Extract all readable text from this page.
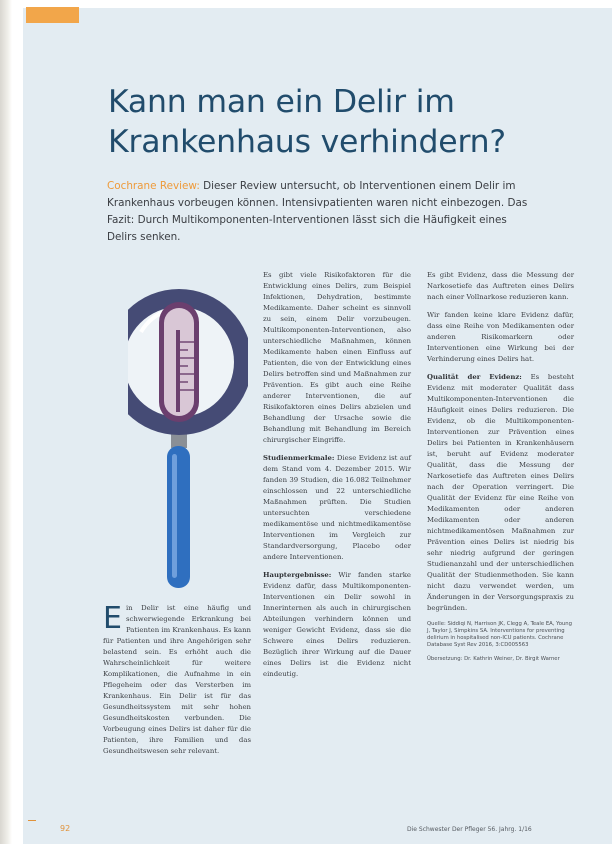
Kann man ein Delir im Krankenhaus verhindern?

Cochrane Review: Dieser Review untersucht, ob Interventionen einem Delir im Krankenhaus vorbeugen können. Intensivpatienten waren nicht einbezogen. Das Fazit: Durch Multikomponenten-Interventionen lässt sich die Häufigkeit eines Delirs senken.

Ein Delir ist eine häufig und schwerwiegende Erkrankung bei Patienten im Krankenhaus. Es kann für Patienten und ihre Angehörigen sehr belastend sein. Es erhöht auch die Wahrscheinlichkeit für weitere Komplikationen, die Aufnahme in ein Pflegeheim oder das Versterben im Krankenhaus. Ein Delir ist für das Gesundheitssystem mit sehr hohen Gesundheitskosten verbunden. Die Vorbeugung eines Delirs ist daher für die Patienten, ihre Familien und das Gesundheitswesen sehr relevant.

Es gibt viele Risikofaktoren für die Entwicklung eines Delirs, zum Beispiel Infektionen, Dehydration, bestimmte Medikamente. Daher scheint es sinnvoll zu sein, einem Delir vorzubeugen. Multikomponenten-Interventionen, also unterschiedliche Maßnahmen, können Medikamente haben einen Einfluss auf Patienten, die von der Entwicklung eines Delirs betroffen sind und Maßnahmen zur Prävention. Es gibt auch eine Reihe anderer Interventionen, die auf Risikofaktoren eines Delirs abzielen und Behandlung der Ursache sowie die Behandlung mit Behandlung im Bereich chirurgischer Eingriffe.

Studienmerkmale: Diese Evidenz ist auf dem Stand vom 4. Dezember 2015. Wir fanden 39 Studien, die 16.082 Teilnehmer einschlossen und 22 unterschiedliche Maßnahmen prüften. Die Studien untersuchten verschiedene medikamentöse und nichtmedikamentöse Interventionen im Vergleich zur Standardversorgung, Placebo oder andere Interventionen.

Hauptergebnisse: Wir fanden starke Evidenz dafür, dass Multikomponenten-Interventionen ein Delir sowohl in Innerinternen als auch in chirurgischen Abteilungen verhindern können und weniger Gewicht Evidenz, dass sie die Schwere eines Delirs reduzieren. Bezüglich ihrer Wirkung auf die Dauer eines Delirs ist die Evidenz nicht eindeutig.

Es gibt Evidenz, dass die Messung der Narkosetiefe das Auftreten eines Delirs nach einer Vollnarkose reduzieren kann.

Wir fanden keine klare Evidenz dafür, dass eine Reihe von Medikamenten oder anderen Risikomarkern oder Interventionen eine Wirkung bei der Verhinderung eines Delirs hat.

Qualität der Evidenz: Es besteht Evidenz mit moderater Qualität dass Multikomponenten-Interventionen die Häufigkeit eines Delirs reduzieren. Die Evidenz, ob die Multikomponenten-Interventionen zur Prävention eines Delirs bei Patienten in Krankenhäusern ist, beruht auf Evidenz moderater Qualität, dass die Messung der Narkosetiefe das Auftreten eines Delirs nach der Operation verringert. Die Qualität der Evidenz für eine Reihe von Medikamenten oder anderen Medikamenten oder anderen nichtmedikamentösen Maßnahmen zur Prävention eines Delirs ist niedrig bis sehr niedrig aufgrund der geringen Studienanzahl und der unterschiedlichen Qualität der Studienmethoden. Sie kann nicht dazu verwendet werden, um Änderungen in der Versorgungspraxis zu begründen.

Quelle: Siddiqi N, Harrison JK, Clegg A, Teale EA, Young J, Taylor J, Simpkins SA. Interventions for preventing delirium in hospitalised non-ICU patients. Cochrane Database Syst Rev 2016, 3:CD005563

Übersetzung: Dr. Kathrin Weiner, Dr. Birgit Warner

92	Die Schwester Der Pfleger 56. Jahrg. 1/16
